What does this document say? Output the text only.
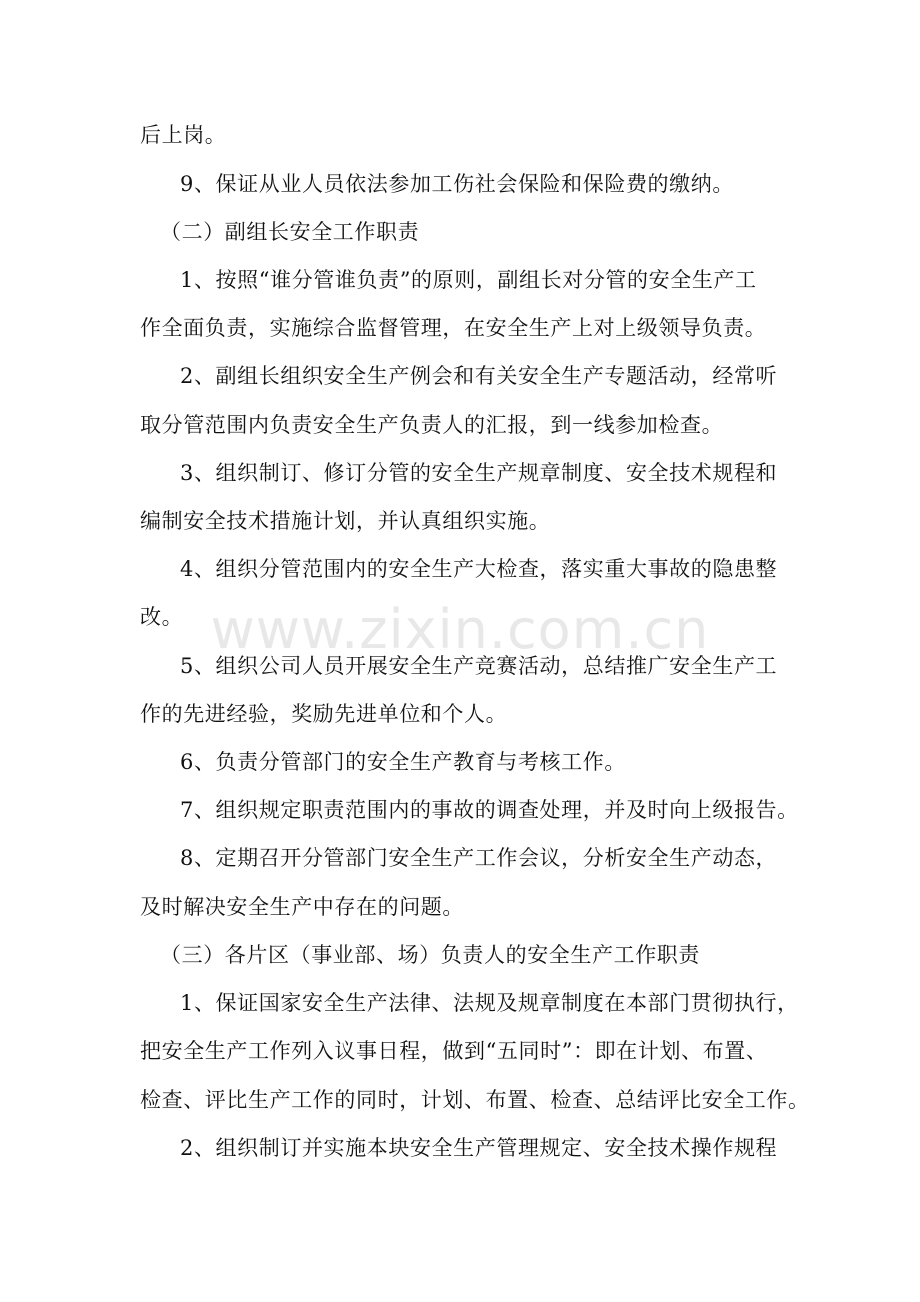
后上岗。
9、保证从业人员依法参加工伤社会保险和保险费的缴纳。
（二）副组长安全工作职责
1、按照“谁分管谁负责”的原则，副组长对分管的安全生产工
作全面负责，实施综合监督管理，在安全生产上对上级领导负责。
2、副组长组织安全生产例会和有关安全生产专题活动，经常听
取分管范围内负责安全生产负责人的汇报，到一线参加检查。
3、组织制订、修订分管的安全生产规章制度、安全技术规程和
编制安全技术措施计划，并认真组织实施。
4、组织分管范围内的安全生产大检查，落实重大事故的隐患整
改。
5、组织公司人员开展安全生产竞赛活动，总结推广安全生产工
作的先进经验，奖励先进单位和个人。
6、负责分管部门的安全生产教育与考核工作。
7、组织规定职责范围内的事故的调查处理，并及时向上级报告。
8、定期召开分管部门安全生产工作会议，分析安全生产动态，
及时解决安全生产中存在的问题。
（三）各片区（事业部、场）负责人的安全生产工作职责
1、保证国家安全生产法律、法规及规章制度在本部门贯彻执行，
把安全生产工作列入议事日程，做到“五同时”：即在计划、布置、
检查、评比生产工作的同时，计划、布置、检查、总结评比安全工作。
2、组织制订并实施本块安全生产管理规定、安全技术操作规程
www.zixin.com.cn
